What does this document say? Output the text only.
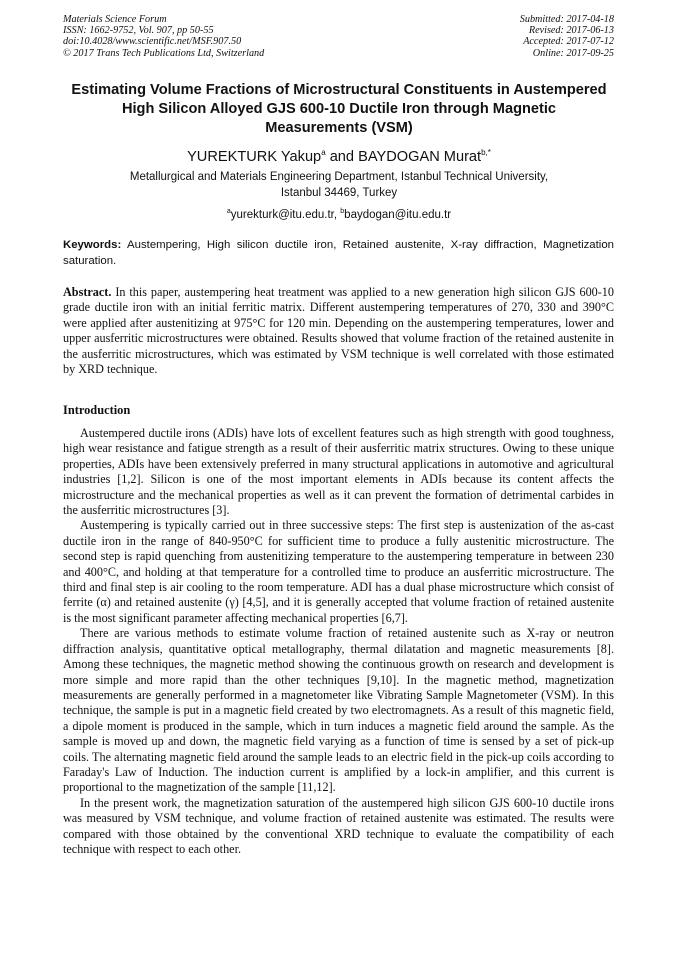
Materials Science Forum
ISSN: 1662-9752, Vol. 907, pp 50-55
doi:10.4028/www.scientific.net/MSF.907.50
© 2017 Trans Tech Publications Ltd, Switzerland
Submitted: 2017-04-18
Revised: 2017-06-13
Accepted: 2017-07-12
Online: 2017-09-25
Estimating Volume Fractions of Microstructural Constituents in Austempered High Silicon Alloyed GJS 600-10 Ductile Iron through Magnetic Measurements (VSM)
YUREKTURK Yakup$^a$ and BAYDOGAN Murat$^{b,*}$
Metallurgical and Materials Engineering Department, Istanbul Technical University,
Istanbul 34469, Turkey
$^a$yurekturk@itu.edu.tr, $^b$baydogan@itu.edu.tr
Keywords: Austempering, High silicon ductile iron, Retained austenite, X-ray diffraction, Magnetization saturation.
Abstract. In this paper, austempering heat treatment was applied to a new generation high silicon GJS 600-10 grade ductile iron with an initial ferritic matrix. Different austempering temperatures of 270, 330 and 390°C were applied after austenitizing at 975°C for 120 min. Depending on the austempering temperatures, lower and upper ausferritic microstructures were obtained. Results showed that volume fraction of the retained austenite in the ausferritic microstructures, which was estimated by VSM technique is well correlated with those estimated by XRD technique.
Introduction

Austempered ductile irons (ADIs) have lots of excellent features such as high strength with good toughness, high wear resistance and fatigue strength as a result of their ausferritic matrix structures. Owing to these unique properties, ADIs have been extensively preferred in many structural applications in automotive and agricultural industries [1,2]. Silicon is one of the most important elements in ADIs because its content affects the microstructure and the mechanical properties as well as it can prevent the formation of detrimental carbides in the ausferritic microstructures [3].

Austempering is typically carried out in three successive steps: The first step is austenization of the as-cast ductile iron in the range of 840-950°C for sufficient time to produce a fully austenitic microstructure. The second step is rapid quenching from austenitizing temperature to the austempering temperature in between 230 and 400°C, and holding at that temperature for a controlled time to produce an ausferritic microstructure. The third and final step is air cooling to the room temperature. ADI has a dual phase microstructure which consist of ferrite (α) and retained austenite (γ) [4,5], and it is generally accepted that volume fraction of retained austenite is the most significant parameter affecting mechanical properties [6,7].

There are various methods to estimate volume fraction of retained austenite such as X-ray or neutron diffraction analysis, quantitative optical metallography, thermal dilatation and magnetic measurements [8]. Among these techniques, the magnetic method showing the continuous growth on research and development is more simple and more rapid than the other techniques [9,10]. In the magnetic method, magnetization measurements are generally performed in a magnetometer like Vibrating Sample Magnetometer (VSM). In this technique, the sample is put in a magnetic field created by two electromagnets. As a result of this magnetic field, a dipole moment is produced in the sample, which in turn induces a magnetic field around the sample. As the sample is moved up and down, the magnetic field varying as a function of time is sensed by a set of pick-up coils. The alternating magnetic field around the sample leads to an electric field in the pick-up coils according to Faraday's Law of Induction. The induction current is amplified by a lock-in amplifier, and this current is proportional to the magnetization of the sample [11,12].

In the present work, the magnetization saturation of the austempered high silicon GJS 600-10 ductile irons was measured by VSM technique, and volume fraction of retained austenite was estimated. The results were compared with those obtained by the conventional XRD technique to evaluate the compatibility of each technique with respect to each other.
